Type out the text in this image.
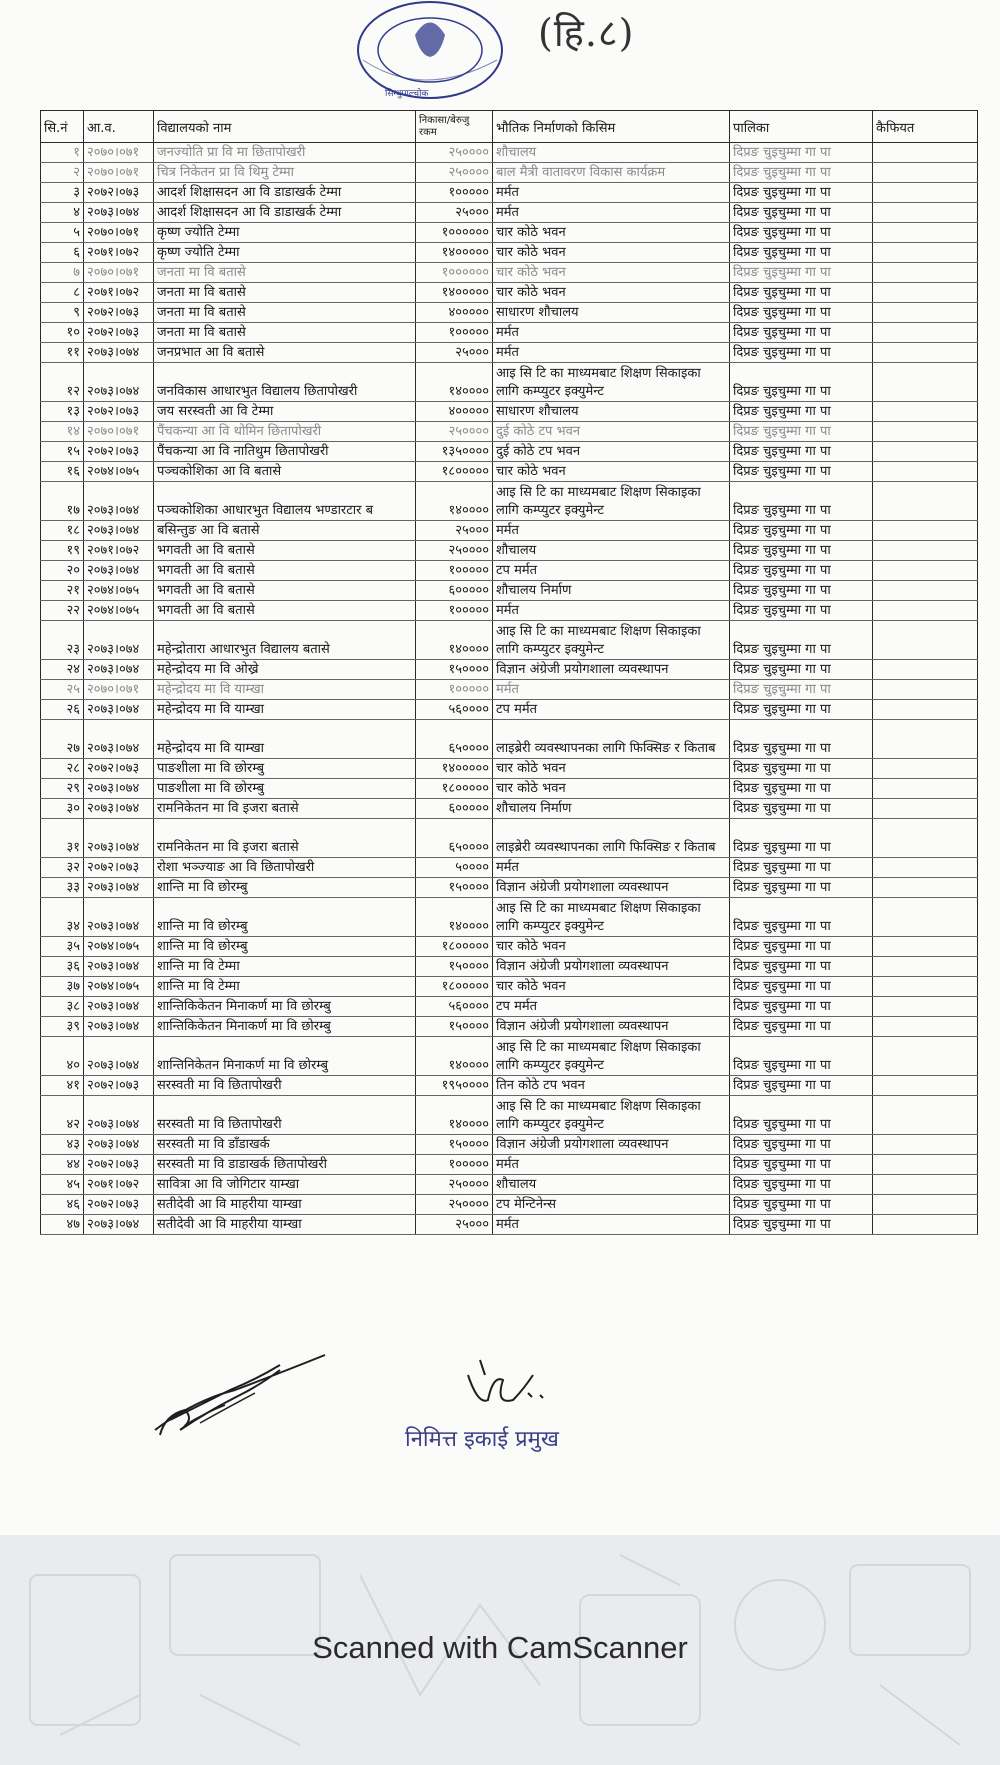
सिन्धुपाल्चोक
(हि.८)
सि.नं	आ.व.	विद्यालयको नाम	निकासा/बेरुजु रकम	भौतिक निर्माणको किसिम	पालिका	कैफियत
१	२०७०।०७१	जनज्योति प्रा वि मा छितापोखरी	२५००००	शौचालय	दिप्रङ चुइचुम्मा गा पा	
२	२०७०।०७१	चित्र निकेतन प्रा वि थिमु टेम्मा	२५००००	बाल मैत्री वातावरण विकास कार्यक्रम	दिप्रङ चुइचुम्मा गा पा	
३	२०७२।०७३	आदर्श शिक्षासदन आ वि डाडाखर्क टेम्मा	१०००००	मर्मत	दिप्रङ चुइचुम्मा गा पा	
४	२०७३।०७४	आदर्श शिक्षासदन आ वि डाडाखर्क टेम्मा	२५०००	मर्मत	दिप्रङ चुइचुम्मा गा पा	
५	२०७०।०७१	कृष्ण ज्योति टेम्मा	१००००००	चार कोठे भवन	दिप्रङ चुइचुम्मा गा पा	
६	२०७१।०७२	कृष्ण ज्योति टेम्मा	१४०००००	चार कोठे भवन	दिप्रङ चुइचुम्मा गा पा	
७	२०७०।०७१	जनता मा वि बतासे	१००००००	चार कोठे भवन	दिप्रङ चुइचुम्मा गा पा	
८	२०७१।०७२	जनता मा वि बतासे	१४०००००	चार कोठे भवन	दिप्रङ चुइचुम्मा गा पा	
९	२०७२।०७३	जनता मा वि बतासे	४०००००	साधारण शौचालय	दिप्रङ चुइचुम्मा गा पा	
१०	२०७२।०७३	जनता मा वि बतासे	१०००००	मर्मत	दिप्रङ चुइचुम्मा गा पा	
११	२०७३।०७४	जनप्रभात आ वि बतासे	२५०००	मर्मत	दिप्रङ चुइचुम्मा गा पा	
१२	२०७३।०७४	जनविकास आधारभुत विद्यालय छितापोखरी	१४००००	आइ सि टि का माध्यमबाट शिक्षण सिकाइका लागि कम्प्युटर इक्युमेन्ट	दिप्रङ चुइचुम्मा गा पा	
१३	२०७२।०७३	जय सरस्वती आ वि टेम्मा	४०००००	साधारण शौचालय	दिप्रङ चुइचुम्मा गा पा	
१४	२०७०।०७१	पैंचकन्या आ वि थोमिन छितापोखरी	२५००००	दुई कोठे टप भवन	दिप्रङ चुइचुम्मा गा पा	
१५	२०७२।०७३	पैंचकन्या आ वि नातिथुम छितापोखरी	१३५००००	दुई कोठे टप भवन	दिप्रङ चुइचुम्मा गा पा	
१६	२०७४।०७५	पञ्चकोशिका आ वि बतासे	१८०००००	चार कोठे भवन	दिप्रङ चुइचुम्मा गा पा	
१७	२०७३।०७४	पञ्चकोशिका आधारभुत विद्यालय भण्डारटार ब	१४००००	आइ सि टि का माध्यमबाट शिक्षण सिकाइका लागि कम्प्युटर इक्युमेन्ट	दिप्रङ चुइचुम्मा गा पा	
१८	२०७३।०७४	बसिन्तुङ आ वि बतासे	२५०००	मर्मत	दिप्रङ चुइचुम्मा गा पा	
१९	२०७१।०७२	भगवती आ वि बतासे	२५००००	शौचालय	दिप्रङ चुइचुम्मा गा पा	
२०	२०७३।०७४	भगवती आ वि बतासे	१०००००	टप मर्मत	दिप्रङ चुइचुम्मा गा पा	
२१	२०७४।०७५	भगवती आ वि बतासे	६०००००	शौचालय निर्माण	दिप्रङ चुइचुम्मा गा पा	
२२	२०७४।०७५	भगवती आ वि बतासे	१०००००	मर्मत	दिप्रङ चुइचुम्मा गा पा	
२३	२०७३।०७४	महेन्द्रोतारा आधारभुत विद्यालय बतासे	१४००००	आइ सि टि का माध्यमबाट शिक्षण सिकाइका लागि कम्प्युटर इक्युमेन्ट	दिप्रङ चुइचुम्मा गा पा	
२४	२०७३।०७४	महेन्द्रोदय मा वि ओख्रे	१५००००	विज्ञान अंग्रेजी प्रयोगशाला व्यवस्थापन	दिप्रङ चुइचुम्मा गा पा	
२५	२०७०।०७१	महेन्द्रोदय मा वि याम्खा	१०००००	मर्मत	दिप्रङ चुइचुम्मा गा पा	
२६	२०७३।०७४	महेन्द्रोदय मा वि याम्खा	५६००००	टप मर्मत	दिप्रङ चुइचुम्मा गा पा	
२७	२०७३।०७४	महेन्द्रोदय मा वि याम्खा	६५००००	लाइब्रेरी व्यवस्थापनका लागि फिक्सिङ र किताब	दिप्रङ चुइचुम्मा गा पा	
२८	२०७२।०७३	पाङशीला मा वि छोरम्बु	१४०००००	चार कोठे भवन	दिप्रङ चुइचुम्मा गा पा	
२९	२०७३।०७४	पाङशीला मा वि छोरम्बु	१८०००००	चार कोठे भवन	दिप्रङ चुइचुम्मा गा पा	
३०	२०७३।०७४	रामनिकेतन मा वि इजरा बतासे	६०००००	शौचालय निर्माण	दिप्रङ चुइचुम्मा गा पा	
३१	२०७३।०७४	रामनिकेतन मा वि इजरा बतासे	६५००००	लाइब्रेरी व्यवस्थापनका लागि फिक्सिङ र किताब	दिप्रङ चुइचुम्मा गा पा	
३२	२०७२।०७३	रोशा भञ्ज्याङ आ वि छितापोखरी	५००००	मर्मत	दिप्रङ चुइचुम्मा गा पा	
३३	२०७३।०७४	शान्ति मा वि छोरम्बु	१५००००	विज्ञान अंग्रेजी प्रयोगशाला व्यवस्थापन	दिप्रङ चुइचुम्मा गा पा	
३४	२०७३।०७४	शान्ति मा वि छोरम्बु	१४००००	आइ सि टि का माध्यमबाट शिक्षण सिकाइका लागि कम्प्युटर इक्युमेन्ट	दिप्रङ चुइचुम्मा गा पा	
३५	२०७४।०७५	शान्ति मा वि छोरम्बु	१८०००००	चार कोठे भवन	दिप्रङ चुइचुम्मा गा पा	
३६	२०७३।०७४	शान्ति मा वि टेम्मा	१५००००	विज्ञान अंग्रेजी प्रयोगशाला व्यवस्थापन	दिप्रङ चुइचुम्मा गा पा	
३७	२०७४।०७५	शान्ति मा वि टेम्मा	१८०००००	चार कोठे भवन	दिप्रङ चुइचुम्मा गा पा	
३८	२०७३।०७४	शान्तिकिकेतन मिनाकर्ण मा वि छोरम्बु	५६००००	टप मर्मत	दिप्रङ चुइचुम्मा गा पा	
३९	२०७३।०७४	शान्तिकिकेतन मिनाकर्ण मा वि छोरम्बु	१५००००	विज्ञान अंग्रेजी प्रयोगशाला व्यवस्थापन	दिप्रङ चुइचुम्मा गा पा	
४०	२०७३।०७४	शान्तिनिकेतन मिनाकर्ण मा वि छोरम्बु	१४००००	आइ सि टि का माध्यमबाट शिक्षण सिकाइका लागि कम्प्युटर इक्युमेन्ट	दिप्रङ चुइचुम्मा गा पा	
४१	२०७२।०७३	सरस्वती मा वि छितापोखरी	१९५००००	तिन कोठे टप भवन	दिप्रङ चुइचुम्मा गा पा	
४२	२०७३।०७४	सरस्वती मा वि छितापोखरी	१४००००	आइ सि टि का माध्यमबाट शिक्षण सिकाइका लागि कम्प्युटर इक्युमेन्ट	दिप्रङ चुइचुम्मा गा पा	
४३	२०७३।०७४	सरस्वती मा वि डाँडाखर्क	१५००००	विज्ञान अंग्रेजी प्रयोगशाला व्यवस्थापन	दिप्रङ चुइचुम्मा गा पा	
४४	२०७२।०७३	सरस्वती मा वि डाडाखर्क छितापोखरी	१०००००	मर्मत	दिप्रङ चुइचुम्मा गा पा	
४५	२०७१।०७२	सावित्रा आ वि जोगिटार याम्खा	२५००००	शौचालय	दिप्रङ चुइचुम्मा गा पा	
४६	२०७२।०७३	सतीदेवी आ वि माहरीया याम्खा	२५००००	टप मेन्टिनेन्स	दिप्रङ चुइचुम्मा गा पा	
४७	२०७३।०७४	सतीदेवी आ वि माहरीया याम्खा	२५०००	मर्मत	दिप्रङ चुइचुम्मा गा पा	
निमित्त इकाई प्रमुख
Scanned with CamScanner
